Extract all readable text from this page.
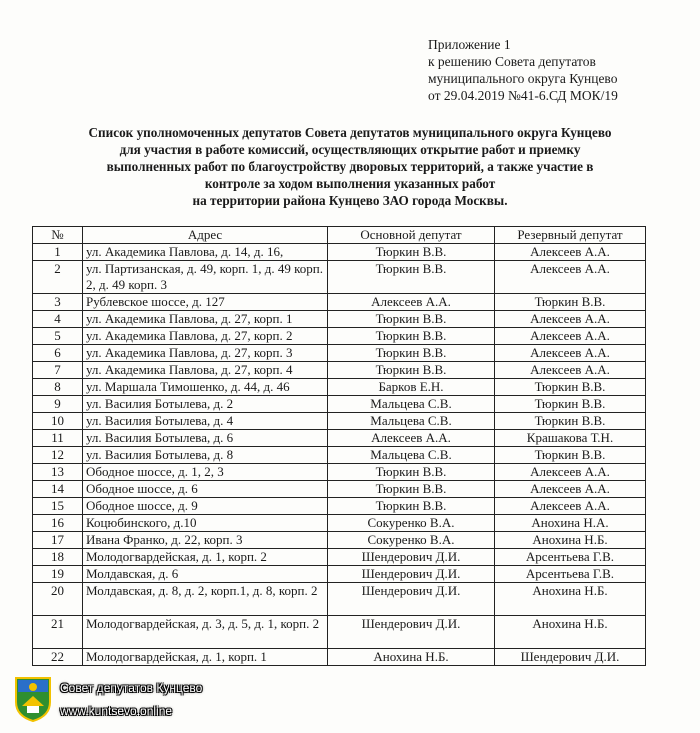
Приложение 1
к решению Совета депутатов
муниципального округа Кунцево
от 29.04.2019 №41-6.СД МОК/19
Список уполномоченных депутатов Совета депутатов муниципального округа Кунцево
для участия в работе комиссий, осуществляющих открытие работ и приемку
выполненных работ по благоустройству дворовых территорий, а также участие в
контроле за ходом выполнения указанных работ
на территории района Кунцево ЗАО города Москвы.
№	Адрес	Основной депутат	Резервный депутат
1	ул. Академика Павлова, д. 14, д. 16,	Тюркин В.В.	Алексеев А.А.
2	ул. Партизанская, д. 49, корп. 1, д. 49 корп. 2, д. 49 корп. 3	Тюркин В.В.	Алексеев А.А.
3	Рублевское шоссе, д. 127	Алексеев А.А.	Тюркин В.В.
4	ул. Академика Павлова, д. 27, корп. 1	Тюркин В.В.	Алексеев А.А.
5	ул. Академика Павлова, д. 27, корп. 2	Тюркин В.В.	Алексеев А.А.
6	ул. Академика Павлова, д. 27, корп. 3	Тюркин В.В.	Алексеев А.А.
7	ул. Академика Павлова, д. 27, корп. 4	Тюркин В.В.	Алексеев А.А.
8	ул. Маршала Тимошенко, д. 44, д. 46	Барков Е.Н.	Тюркин В.В.
9	ул. Василия Ботылева, д. 2	Мальцева С.В.	Тюркин В.В.
10	ул. Василия Ботылева, д. 4	Мальцева С.В.	Тюркин В.В.
11	ул. Василия Ботылева, д. 6	Алексеев А.А.	Крашакова Т.Н.
12	ул. Василия Ботылева, д. 8	Мальцева С.В.	Тюркин В.В.
13	Ободное шоссе, д. 1, 2, 3	Тюркин В.В.	Алексеев А.А.
14	Ободное шоссе, д. 6	Тюркин В.В.	Алексеев А.А.
15	Ободное шоссе, д. 9	Тюркин В.В.	Алексеев А.А.
16	Коцюбинского, д.10	Сокуренко В.А.	Анохина Н.А.
17	Ивана Франко, д. 22, корп. 3	Сокуренко В.А.	Анохина Н.Б.
18	Молодогвардейская, д. 1, корп. 2	Шендерович Д.И.	Арсентьева Г.В.
19	Молдавская, д. 6	Шендерович Д.И.	Арсентьева Г.В.
20	Молдавская, д. 8, д. 2, корп.1, д. 8, корп. 2	Шендерович Д.И.	Анохина Н.Б.
21	Молодогвардейская, д. 3, д. 5, д. 1, корп. 2	Шендерович Д.И.	Анохина Н.Б.
22	Молодогвардейская, д. 1, корп. 1	Анохина Н.Б.	Шендерович Д.И.
Совет депутатов Кунцево
www.kuntsevo.online
